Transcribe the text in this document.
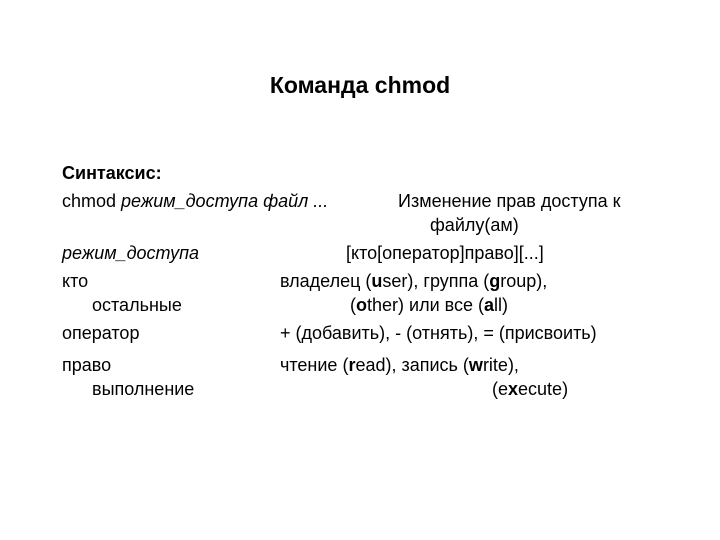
Команда chmod
Синтаксис:
chmod режим_доступа файл ...	Изменение прав доступа к
файлу(ам)
режим_доступа	[кто[оператор]право][...]
кто	владелец (user), группа (group),
остальные	(other) или все (all)
оператор	+ (добавить), - (отнять), = (присвоить)
право	чтение (read), запись (write),
выполнение	(execute)
